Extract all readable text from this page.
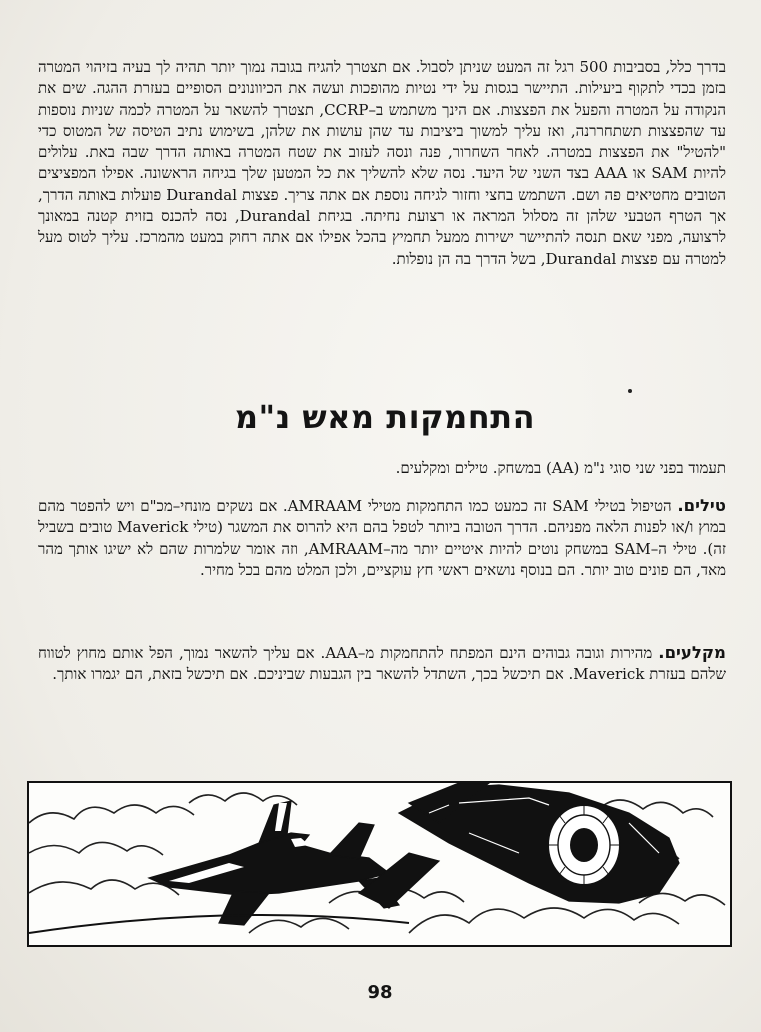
בדרך כלל, בסביבות 500 רגל זה המעט שניתן לסבול. אם תצטרך להגיח בגובה נמוך יותר תהיה לך בעיה בזיהוי המטרה בזמן בכדי לתקוף ביעילות. התיישר בגסות על ידי נטיות מהופכות ועשה את הכיוונונים הסופיים בעזרת ההגה. שים את הנקודה על המטרה והפעל את הפצצות. אם הינך משתמש ב–CCRP, תצטרך להשאר על המטרה לכמה שניות נוספות עד שהפצצות תשתחררנה, ואז עליך למשוך ביציבות עד שהן עושות את שלהן, בשימוש נתיב הטיסה של המטוס כדי "להטיל" את הפצצות במטרה. לאחר השחרור, פנה ונסה לעזוב את שטח המטרה באותה הדרך שבה באת. עלולים להיות SAM או AAA בצד השני של היעד. נסה שלא להשליך את כל המטען שלך בגיחה הראשונה. אפילו המפציצים הטובים מחטיאים פה ושם. השתמש בחצי וחזור לגיחה נוספת אם אתה צריך. פצצות Durandal פועלות באותה הדרך, אך הטרף הטבעי שלהן זה מסלול המראה או רצועת נחיתה. בגיחת Durandal, נסה להכנס בזוית קטנה במאונך לרצועה, מפני שאם תנסה להתיישר ישירות ממעל תחמיץ בהכל אפילו אם אתה רחוק במעט מהמרכז. עליך לטוס מעל למטרה עם פצצות Durandal, בשל הדרך בה הן נופלות.
התחמקות מאש נ"מ
תעמוד בפני שני סוגי נ"מ (AA) במשחק. טילים ומקלעים.
טילים. הטיפול בטילי SAM זה כמעט כמו התחמקות מטילי AMRAAM. אם נשקים מונחי–מכ"ם ויש להפטר מהם במוץ ו/או לפנות הלאה מפניהם. הדרך הטובה ביותר לטפל בהם היא להרוס את המשגר (טילי Maverick טובים בשביל זה). טילי ה–SAM במשחק נוטים להיות איטיים יותר מה–AMRAAM, וזה אומר שלמרות שהם לא ישיגו אותך מהר מאד, הם פונים טוב יותר. הם בנוסף נושאים ראשי חץ עוקציים, ולכן המלט מהם בכל מחיר.
מקלעים. מהירות וגובה גבוהים הינם המפתח להתחמקות מ–AAA. אם עליך להשאר נמוך, הפל אותם מחוץ לטווח שלהם בעזרת Maverick. אם תיכשל בכך, השתדל להשאר בין הגבעות שביניכם. אם תיכשל בזאת, הם יגמרו אותך.
98
